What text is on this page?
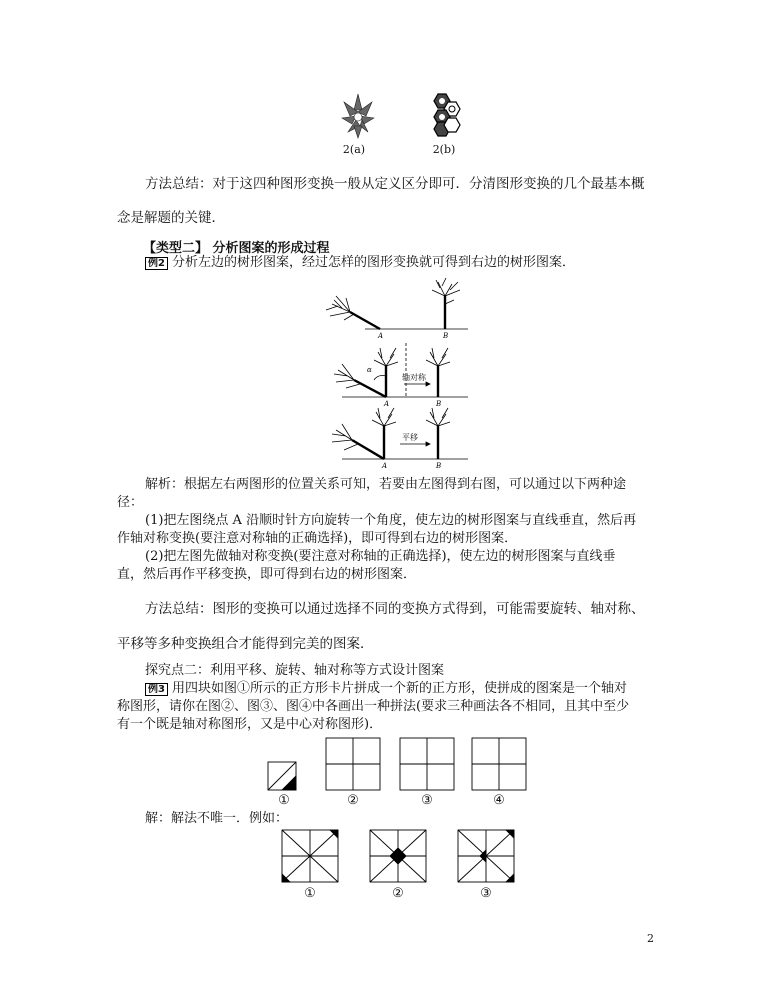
2(a)	2(b)
方法总结：对于这四种图形变换一般从定义区分即可．分清图形变换的几个最基本概
念是解题的关键．
【类型二】 分析图案的形成过程
例2 分析左边的树形图案，经过怎样的图形变换就可得到右边的树形图案．
A	B
A	B
α
A	B
轴对称
平移
解析：根据左右两图形的位置关系可知，若要由左图得到右图，可以通过以下两种途
径：
(1)把左图绕点 A 沿顺时针方向旋转一个角度，使左边的树形图案与直线垂直，然后再
作轴对称变换(要注意对称轴的正确选择)，即可得到右边的树形图案．
(2)把左图先做轴对称变换(要注意对称轴的正确选择)，使左边的树形图案与直线垂
直，然后再作平移变换，即可得到右边的树形图案．
方法总结：图形的变换可以通过选择不同的变换方式得到，可能需要旋转、轴对称、
平移等多种变换组合才能得到完美的图案．
探究点二：利用平移、旋转、轴对称等方式设计图案
例3 用四块如图①所示的正方形卡片拼成一个新的正方形，使拼成的图案是一个轴对
称图形，请你在图②、图③、图④中各画出一种拼法(要求三种画法各不相同，且其中至少
有一个既是轴对称图形，又是中心对称图形)．
①	②	③	④
解：解法不唯一．例如：
①	②	③
2
